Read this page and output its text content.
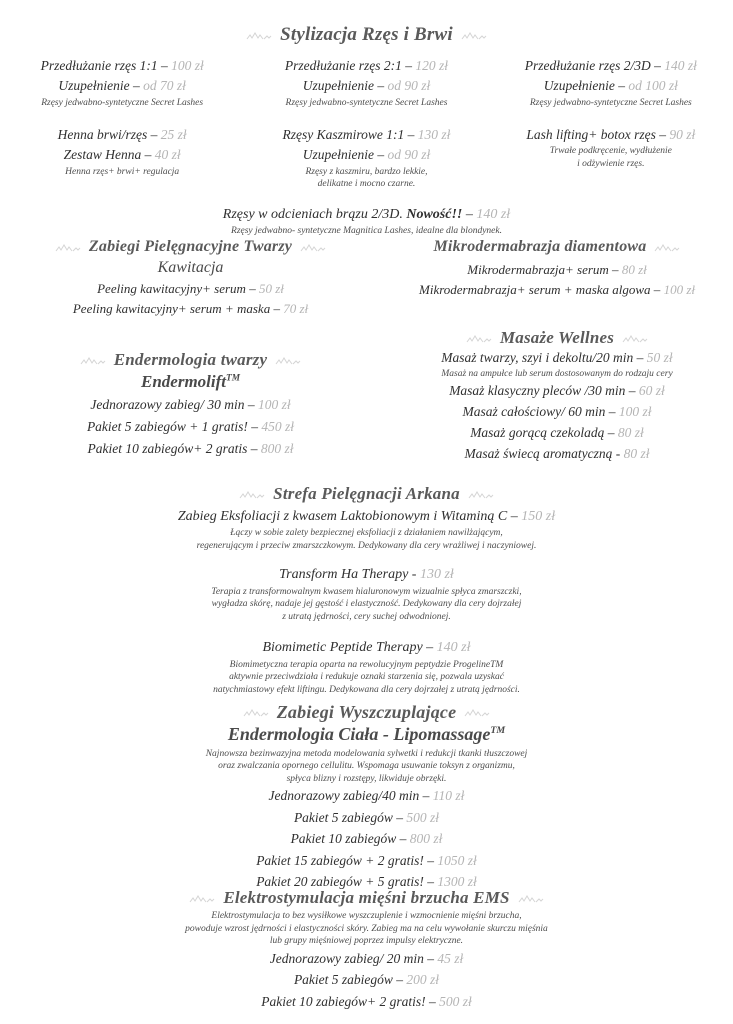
Stylizacja Rzęs i Brwi
Przedłużanie rzęs 1:1 – 100 zł
Uzupełnienie – od 70 zł
Rzęsy jedwabno-syntetyczne Secret Lashes
Henna brwi/rzęs – 25 zł
Zestaw Henna – 40 zł
Henna rzęs+ brwi+ regulacja
Przedłużanie rzęs 2:1 – 120 zł
Uzupełnienie – od 90 zł
Rzęsy jedwabno-syntetyczne Secret Lashes
Rzęsy Kaszmirowe 1:1 – 130 zł
Uzupełnienie – od 90 zł
Rzęsy z kaszmiru, bardzo lekkie,
delikatne i mocno czarne.
Przedłużanie rzęs 2/3D – 140 zł
Uzupełnienie – od 100 zł
Rzęsy jedwabno-syntetyczne Secret Lashes
Lash lifting+ botox rzęs – 90 zł
Trwałe podkręcenie, wydłużenie
i odżywienie rzęs.
Rzęsy w odcieniach brązu 2/3D. Nowość!! – 140 zł
Rzęsy jedwabno- syntetyczne Magnitica Lashes, idealne dla blondynek.
Zabiegi Pielęgnacyjne Twarzy
Kawitacja
Peeling kawitacyjny+ serum – 50 zł
Peeling kawitacyjny+ serum + maska – 70 zł
Mikrodermabrazja diamentowa
Mikrodermabrazja+ serum – 80 zł
Mikrodermabrazja+ serum + maska algowa – 100 zł
Endermologia twarzy
Endermolift™
Jednorazowy zabieg/ 30 min – 100 zł
Pakiet 5 zabiegów + 1 gratis! – 450 zł
Pakiet 10 zabiegów+ 2 gratis – 800 zł
Masaże Wellnes
Masaż twarzy, szyi i dekoltu/20 min – 50 zł
Masaż na ampułce lub serum dostosowanym do rodzaju cery
Masaż klasyczny pleców /30 min – 60 zł
Masaż całościowy/ 60 min – 100 zł
Masaż gorącą czekoladą – 80 zł
Masaż świecą aromatyczną - 80 zł
Strefa Pielęgnacji Arkana
Zabieg Eksfoliacji z kwasem Laktobionowym i Witaminą C – 150 zł
Łączy w sobie zalety bezpiecznej eksfoliacji z działaniem nawilżającym,
regenerującym i przeciw zmarszczkowym. Dedykowany dla cery wrażliwej i naczyniowej.
Transform Ha Therapy - 130 zł
Terapia z transformowalnym kwasem hialuronowym wizualnie spłyca zmarszczki,
wygładza skórę, nadaje jej gęstość i elastyczność. Dedykowany dla cery dojrzałej
z utratą jędrności, cery suchej odwodnionej.
Biomimetic Peptide Therapy – 140 zł
Biomimetyczna terapia oparta na rewolucyjnym peptydzie ProgelineTM
aktywnie przeciwdziała i redukuje oznaki starzenia się, pozwala uzyskać
natychmiastowy efekt liftingu. Dedykowana dla cery dojrzałej z utratą jędrności.
Zabiegi Wyszczuplające
Endermologia Ciała - Lipomassage™
Najnowsza bezinwazyjna metoda modelowania sylwetki i redukcji tkanki tłuszczowej
oraz zwalczania opornego cellulitu. Wspomaga usuwanie toksyn z organizmu,
spłyca blizny i rozstępy, likwiduje obrzęki.
Jednorazowy zabieg/40 min – 110 zł
Pakiet 5 zabiegów – 500 zł
Pakiet 10 zabiegów – 800 zł
Pakiet 15 zabiegów + 2 gratis! – 1050 zł
Pakiet 20 zabiegów + 5 gratis! – 1300 zł
Elektrostymulacja mięśni brzucha EMS
Elektrostymulacja to bez wysiłkowe wyszczuplenie i wzmocnienie mięśni brzucha,
powoduje wzrost jędrności i elastyczności skóry. Zabieg ma na celu wywołanie skurczu mięśnia
lub grupy mięśniowej poprzez impulsy elektryczne.
Jednorazowy zabieg/ 20 min – 45 zł
Pakiet 5 zabiegów – 200 zł
Pakiet 10 zabiegów+ 2 gratis! – 500 zł
